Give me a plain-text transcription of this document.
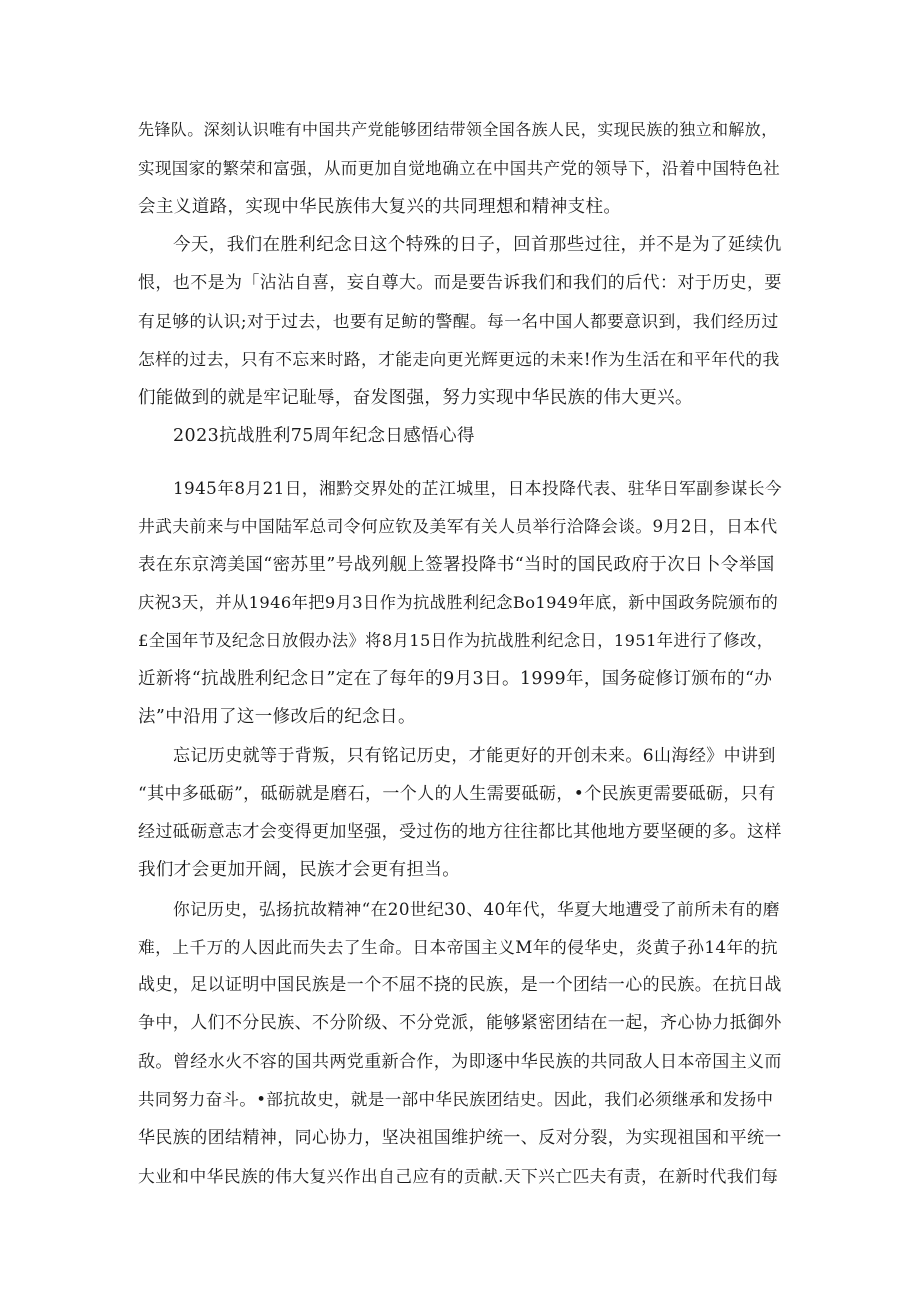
先锋队。深刻认识唯有中国共产党能够团结带领全国各族人民，实现民族的独立和解放，
实现国家的繁荣和富强，从而更加自觉地确立在中国共产党的领导下，沿着中国特色社
会主义道路，实现中华民族伟大复兴的共同理想和精神支柱。
今天，我们在胜利纪念日这个特殊的日子，回首那些过往，并不是为了延续仇
恨，也不是为「沾沾自喜，妄自尊大。而是要告诉我们和我们的后代：对于历史，要
有足够的认识;对于过去，也要有足鲂的警醒。每一名中国人都要意识到，我们经历过
怎样的过去，只有不忘来时路，才能走向更光辉更远的未来!作为生活在和平年代的我
们能做到的就是牢记耻辱，奋发图强，努力实现中华民族的伟大更兴。
2023抗战胜利75周年纪念日感悟心得
1945年8月21日，湘黔交界处的芷江城里，日本投降代表、驻华日军副参谋长今
井武夫前来与中国陆军总司令何应钦及美军有关人员举行洽降会谈。9月2日，日本代
表在东京湾美国“密苏里”号战列舰上签署投降书“当时的国民政府于次日卜令举国
庆祝3天，并从1946年把9月3日作为抗战胜利纪念Bo1949年底，新中国政务院颁布的
£全国年节及纪念日放假办法》将8月15日作为抗战胜利纪念日，1951年进行了修改，
近新将“抗战胜利纪念日”定在了每年的9月3日。1999年，国务碇修订颁布的“办
法”中沿用了这一修改后的纪念日。
忘记历史就等于背叛，只有铭记历史，才能更好的开创未来。6山海经》中讲到
“其中多砥砺”，砥砺就是磨石，一个人的人生需要砥砺，•个民族更需要砥砺，只有
经过砥砺意志才会变得更加坚强，受过伤的地方往往都比其他地方要坚硬的多。这样
我们才会更加开阔，民族才会更有担当。
你记历史，弘扬抗故精神“在20世纪30、40年代，华夏大地遭受了前所未有的磨
难，上千万的人因此而失去了生命。日本帝国主义M年的侵华史，炎黄子孙14年的抗
战史，足以证明中国民族是一个不屈不挠的民族，是一个团结一心的民族。在抗日战
争中，人们不分民族、不分阶级、不分党派，能够紧密团结在一起，齐心协力抵御外
敌。曾经水火不容的国共两党重新合作，为即逐中华民族的共同敌人日本帝国主义而
共同努力奋斗。•部抗故史，就是一部中华民族团结史。因此，我们必须继承和发扬中
华民族的团结精神，同心协力，坚决祖国维护统一、反对分裂，为实现祖国和平统一
大业和中华民族的伟大复兴作出自己应有的贡献.天下兴亡匹夫有责，在新时代我们每
